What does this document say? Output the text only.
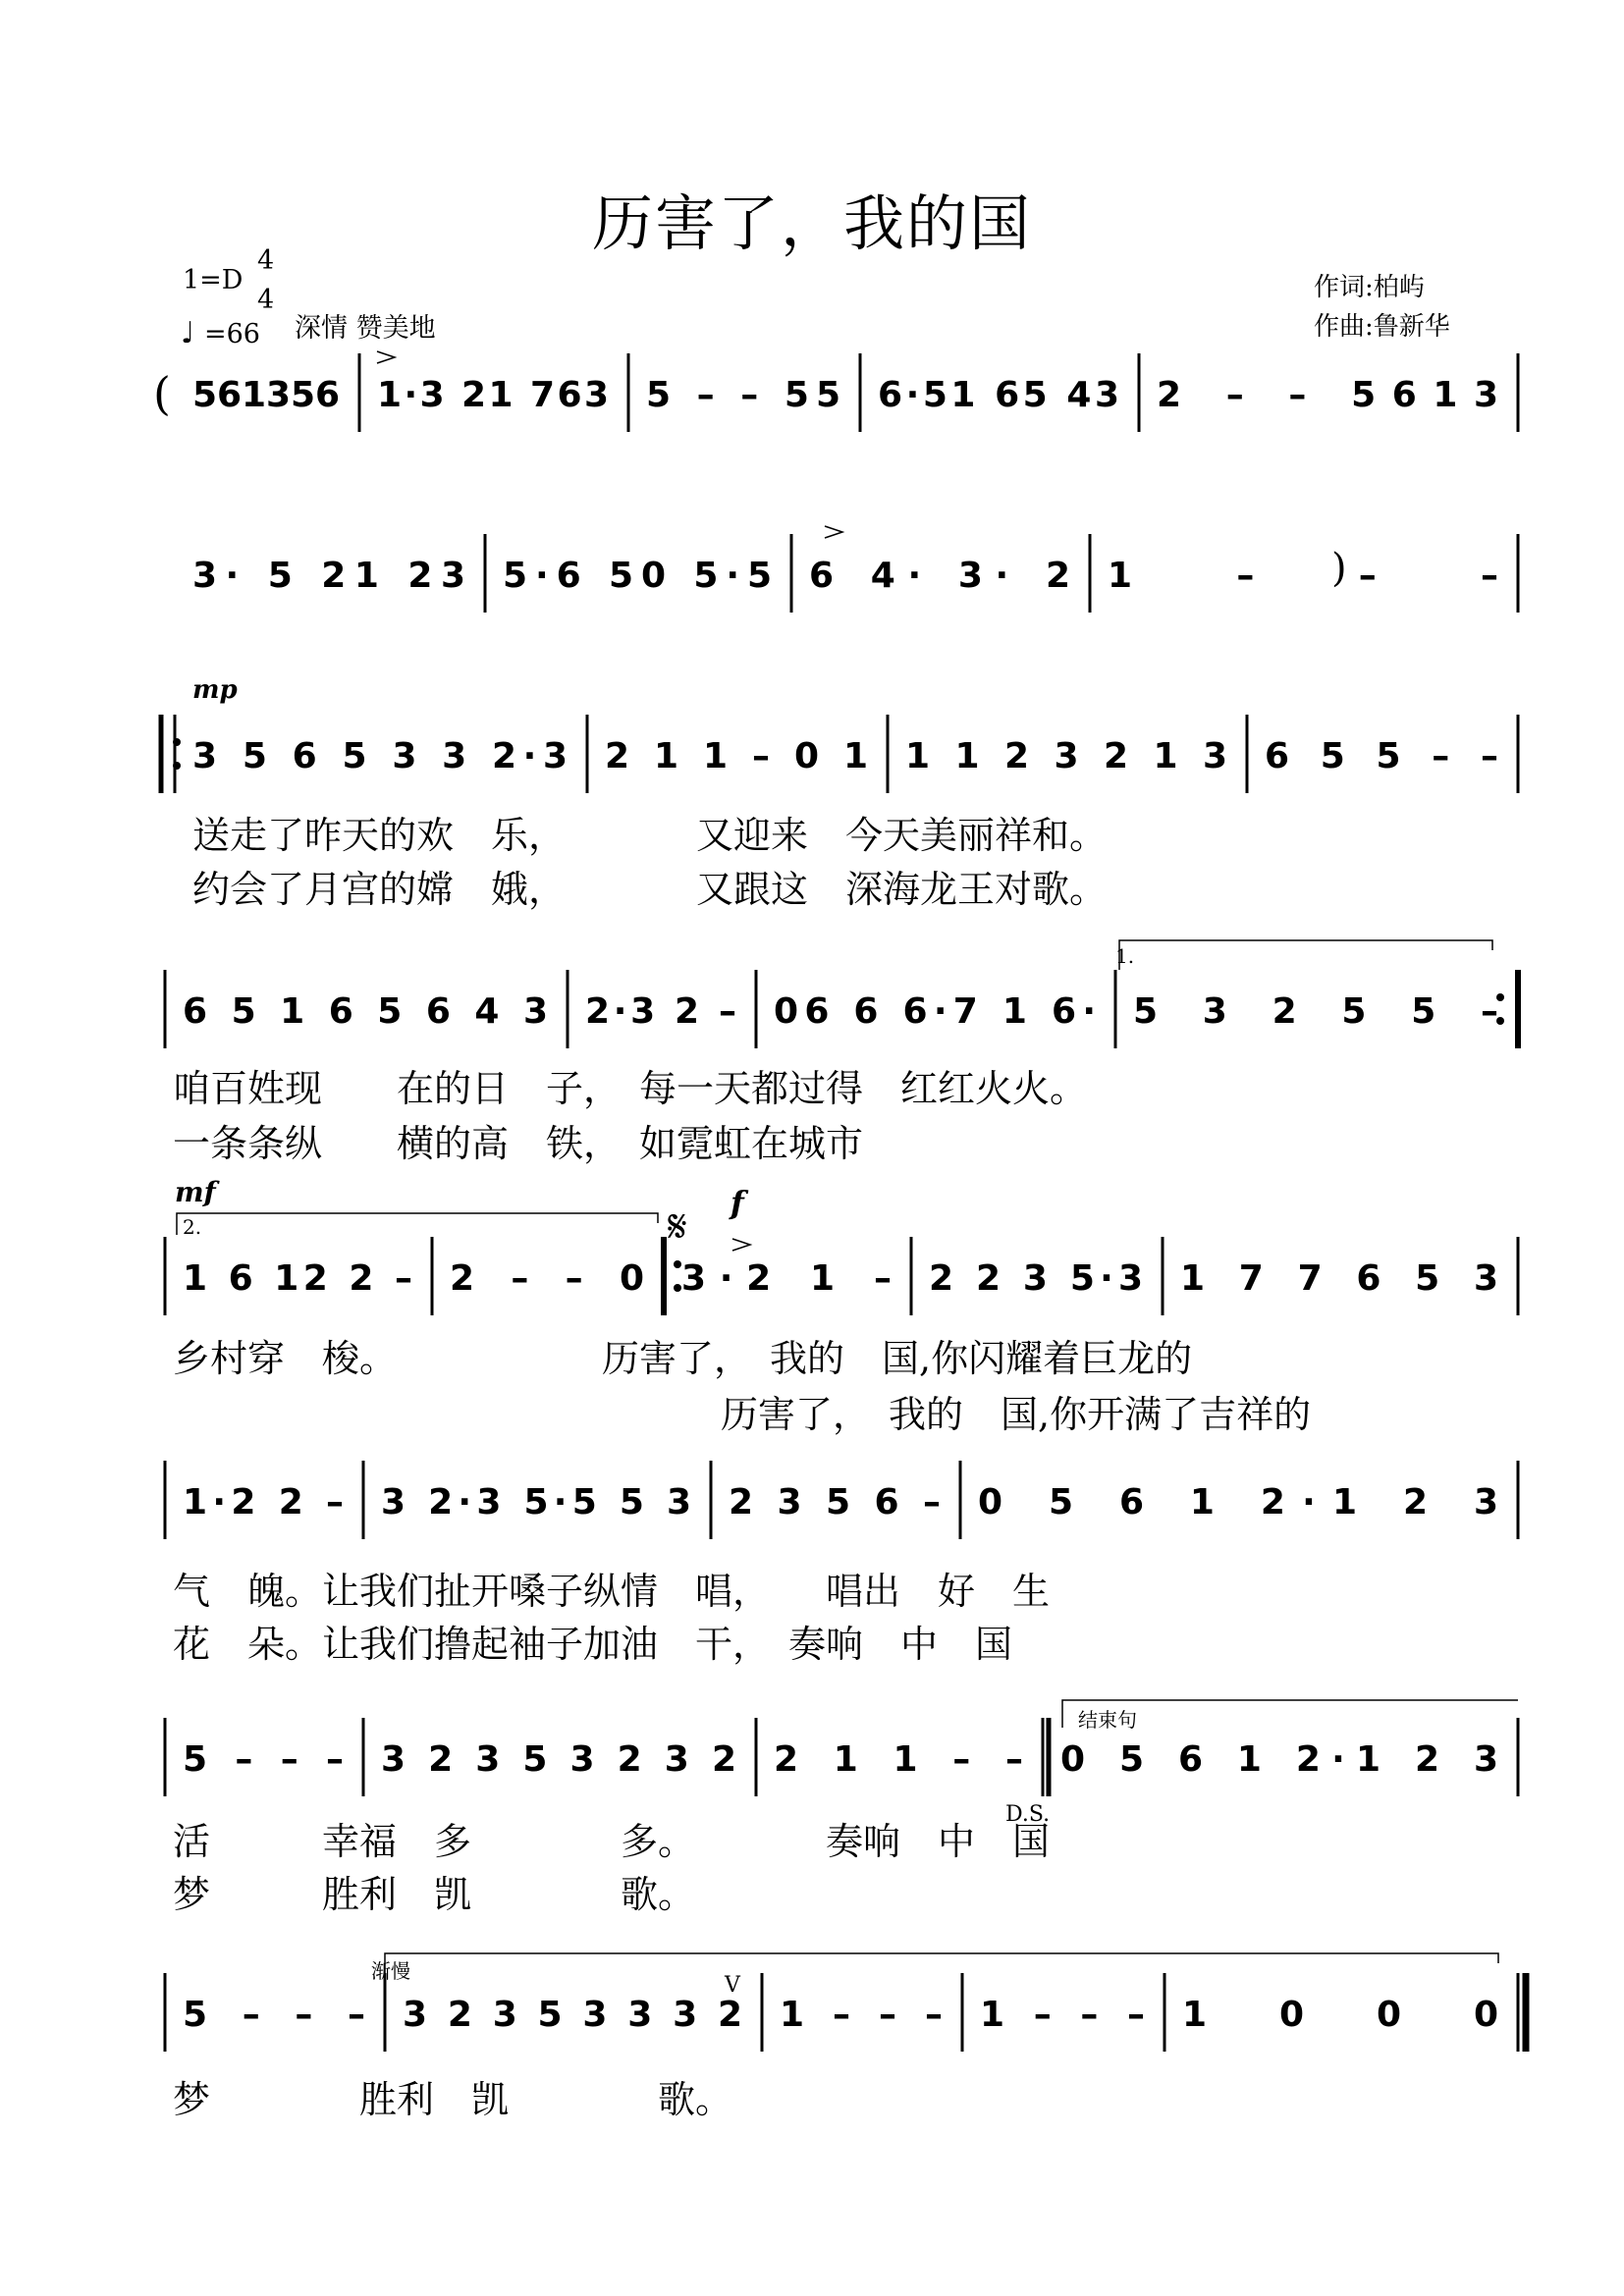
历害了，我的国
1=D
4
4
♩ =66 深情 赞美地
作词:柏屿
作曲:鲁新华
mp
mf	f
1.
2.
结束句
D.S.
渐慢
𝄋
V
(
)
561356 1·3 21 763 5 – – 55 6·51 65 43 2 – – 5613
3· 5 21 23 5·6 50 5·5 6 4· 3· 2 1 – – –
3 5 6 5 3 3 2·3 2 1 1 – 0 1 1 1 2 3 2 1 3 6 5 5 – –
6 5 1 6 5 6 4 3 2·3 2 – 06 6 6·7 1 6· 5 3 2 5 5 –
1 6 12 2 – 2 – – 0 3·2 1 – 2 2 3 5·3 1 7 7 6 5 3
1·2 2 – 3 2·3 5·5 5 3 2 3 5 6 – 0 5 6 1 2·1 2 3
5 – – – 3 2 3 5 3 2 3 2 2 1 1 – – 0 5 6 1 2·1 2 3
5 – – – 3 2 3 5 3 3 3 2 1 – – – 1 – – – 1 0 0 0
送走了昨天的欢　乐，　　　　又迎来　今天美丽祥和。
约会了月宫的嫦　娥，　　　　又跟这　深海龙王对歌。
咱百姓现　　在的日　子，　每一天都过得　红红火火。
一条条纵　　横的高　铁，　如霓虹在城市
乡村穿　梭。　　　　　　历害了，　我的　国,你闪耀着巨龙的
历害了，　我的　国,你开满了吉祥的
气　魄。让我们扯开嗓子纵情　唱，　　唱出　好　生
花　朵。让我们撸起袖子加油　干，　奏响　中　国
活　　　幸福　多　　　　多。　　　　奏响　中　国
梦　　　胜利　凯　　　　歌。
梦　　　　胜利　凯　　　　歌。
